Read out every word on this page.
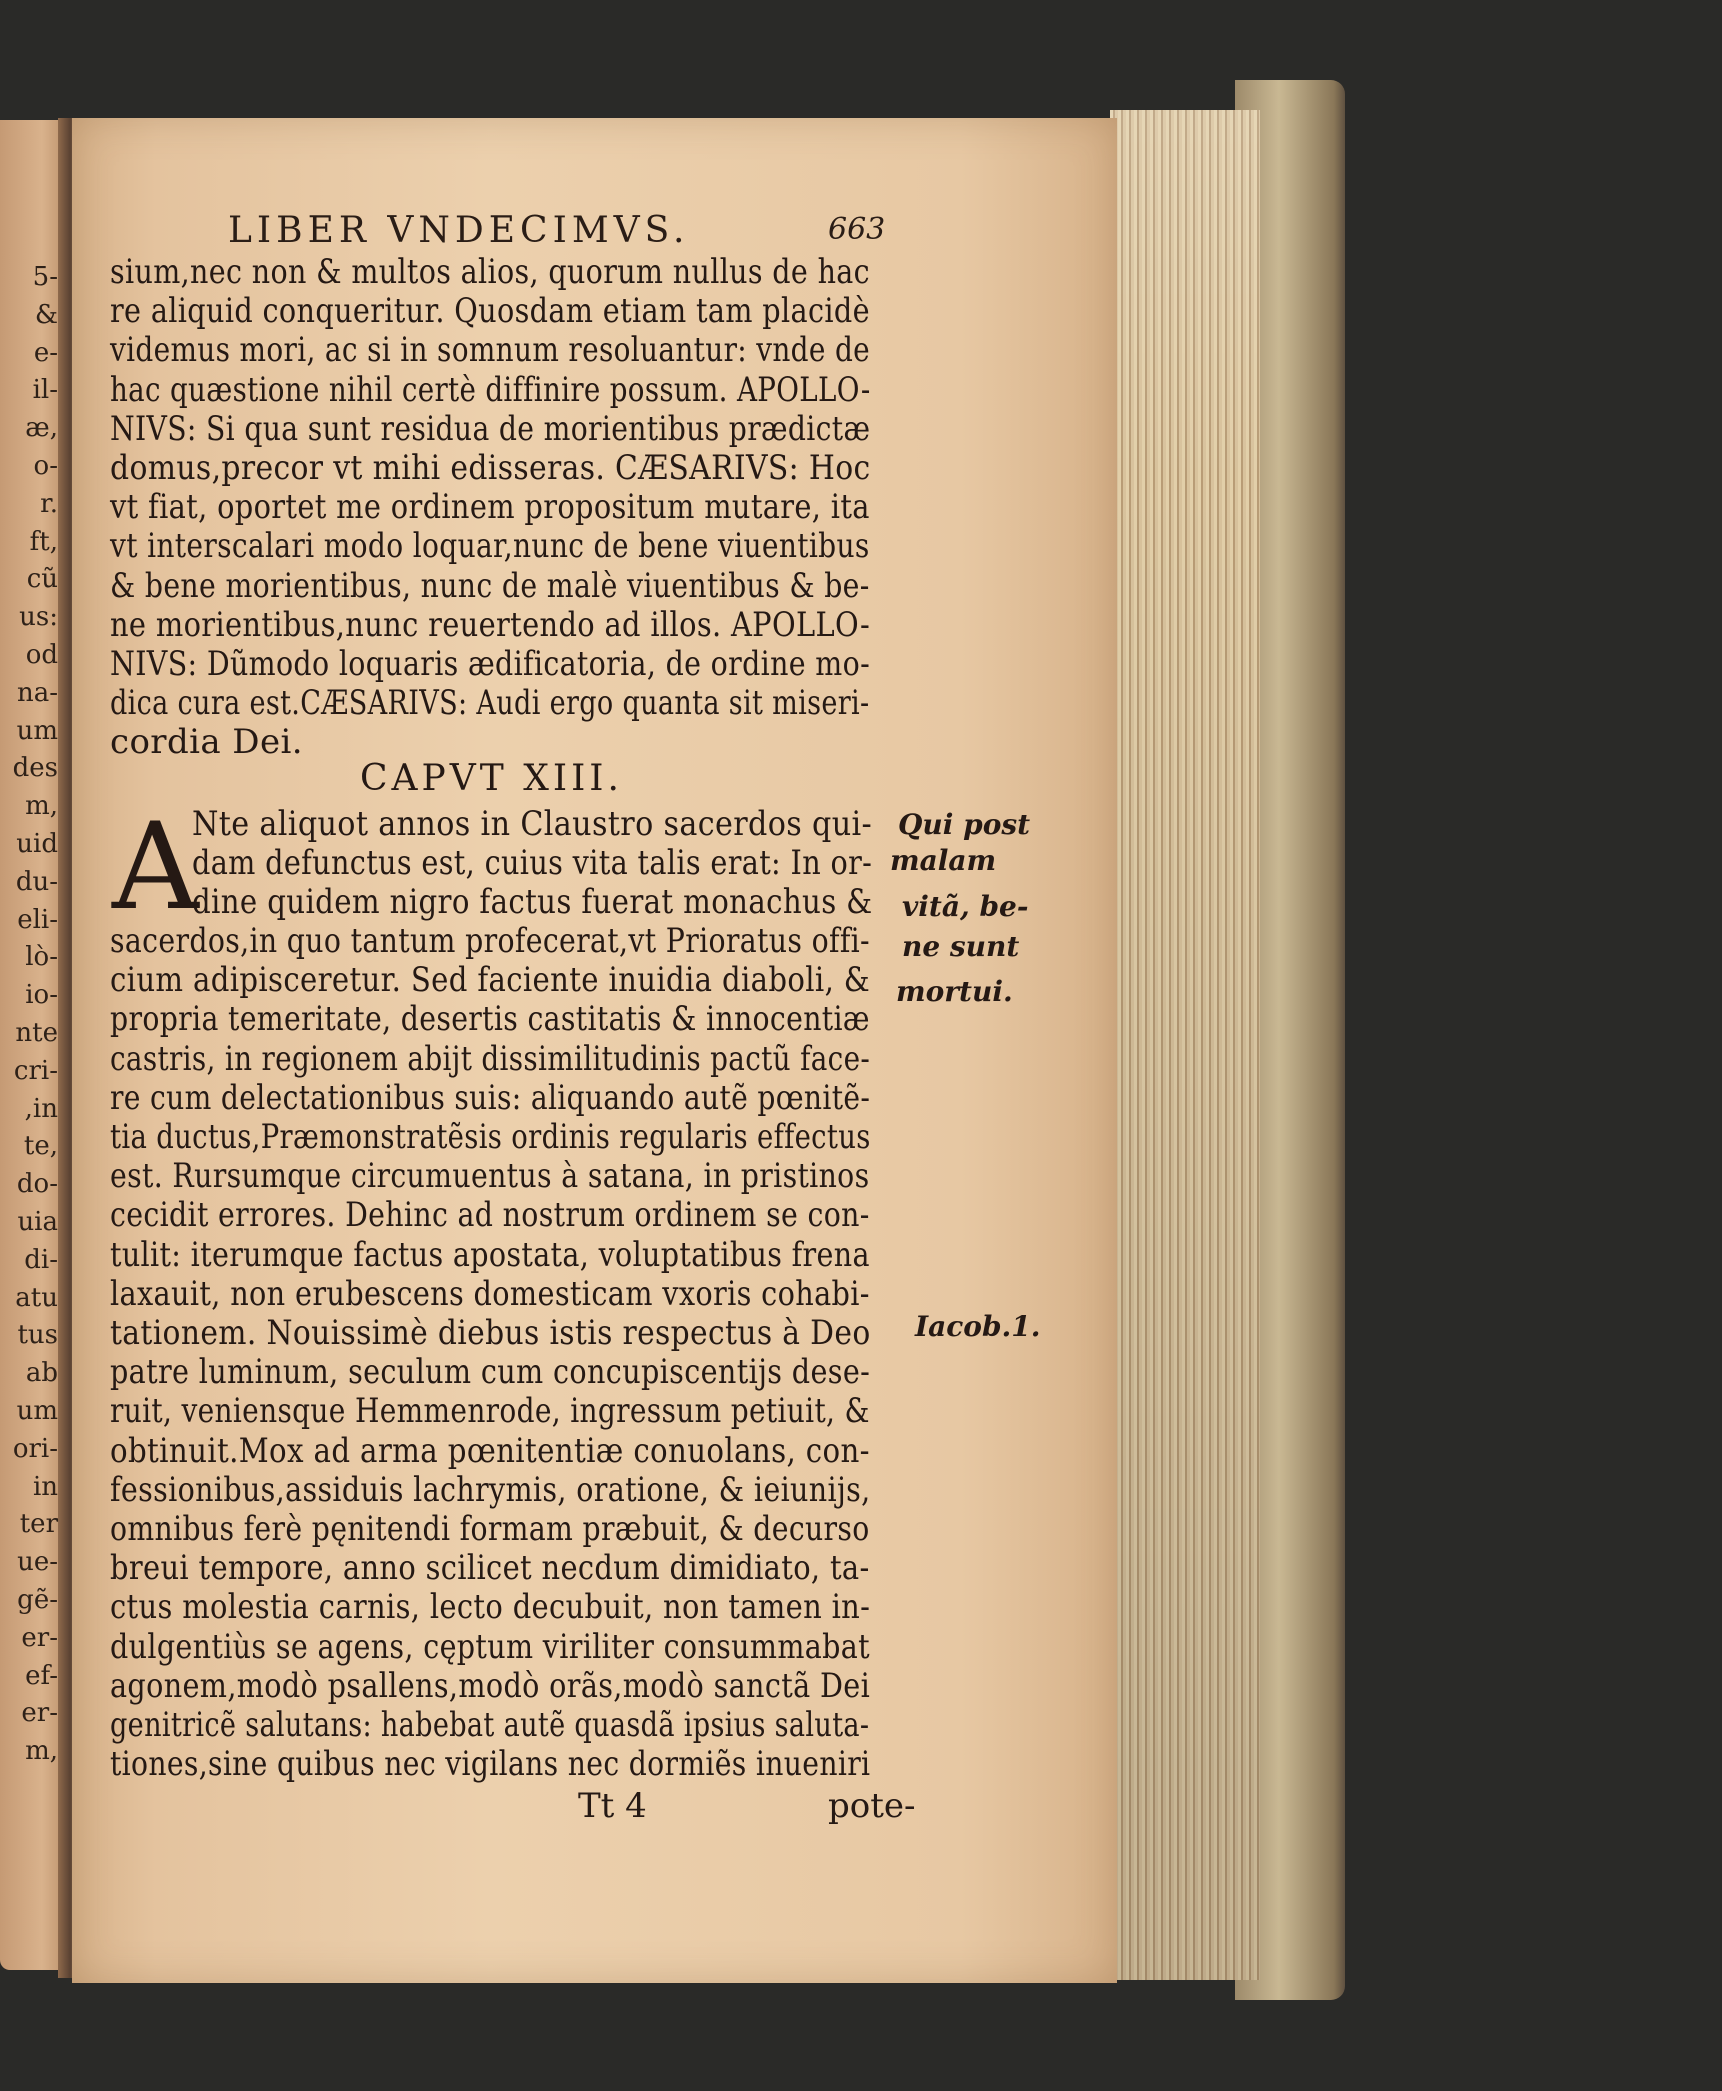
LIBER VNDECIMVS.	663
sium,nec non & multos alios, quorum nullus de hac
re aliquid conqueritur. Quosdam etiam tam placidè
videmus mori, ac si in somnum resoluantur: vnde de
hac quæstione nihil certè diffinire possum. APOLLO-
NIVS: Si qua sunt residua de morientibus prædictæ
domus,precor vt mihi edisseras. CÆSARIVS: Hoc
vt fiat, oportet me ordinem propositum mutare, ita
vt interscalari modo loquar,nunc de bene viuentibus
& bene morientibus, nunc de malè viuentibus & be-
ne morientibus,nunc reuertendo ad illos. APOLLO-
NIVS: Dũmodo loquaris ædificatoria, de ordine mo-
dica cura est.CÆSARIVS: Audi ergo quanta sit miseri-
cordia Dei.
CAPVT XIII.
A
Nte aliquot annos in Claustro sacerdos qui-
dam defunctus est, cuius vita talis erat: In or-
dine quidem nigro factus fuerat monachus &
sacerdos,in quo tantum profecerat,vt Prioratus offi-
cium adipisceretur. Sed faciente inuidia diaboli, &
propria temeritate, desertis castitatis & innocentiæ
castris, in regionem abijt dissimilitudinis pactũ face-
re cum delectationibus suis: aliquando autẽ pœnitẽ-
tia ductus,Præmonstratẽsis ordinis regularis effectus
est. Rursumque circumuentus à satana, in pristinos
cecidit errores. Dehinc ad nostrum ordinem se con-
tulit: iterumque factus apostata, voluptatibus frena
laxauit, non erubescens domesticam vxoris cohabi-
tationem. Nouissimè diebus istis respectus à Deo
patre luminum, seculum cum concupiscentijs dese-
ruit, veniensque Hemmenrode, ingressum petiuit, &
obtinuit.Mox ad arma pœnitentiæ conuolans, con-
fessionibus,assiduis lachrymis, oratione, & ieiunijs,
omnibus ferè pęnitendi formam præbuit, & decurso
breui tempore, anno scilicet necdum dimidiato, ta-
ctus molestia carnis, lecto decubuit, non tamen in-
dulgentiùs se agens, cęptum viriliter consummabat
agonem,modò psallens,modò orãs,modò sanctã Dei
genitricẽ salutans: habebat autẽ quasdã ipsius saluta-
tiones,sine quibus nec vigilans nec dormiẽs inueniri
Qui post
malam
vitã, be-
ne sunt
mortui.
Iacob.1.
5-
&
e-
il-
æ,
o-
r.
ft,
cũ
us:
od
na-
um
des
m,
uid
du-
eli-
lò-
io-
nte
cri-
,in
te,
do-
uia
di-
atu
tus
ab
um
ori-
in
ter
ue-
gẽ-
er-
ef-
er-
m,
Tt 4	pote-
